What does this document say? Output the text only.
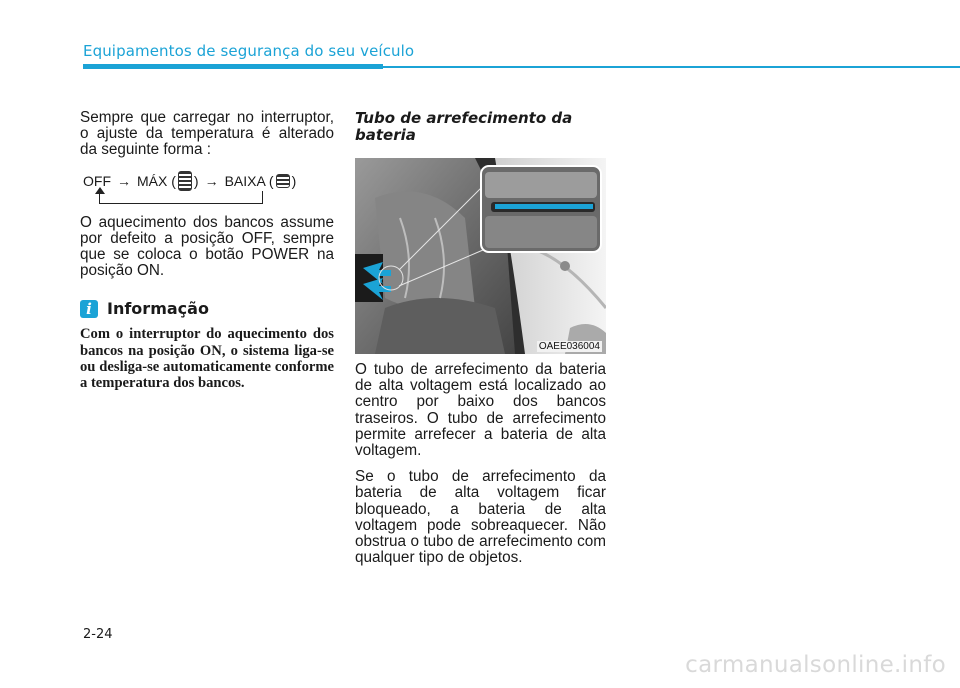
Equipamentos de segurança do seu veículo

Sempre que carregar no interruptor, o ajuste da temperatura é alterado da seguinte forma :

OFF → MÁX ( ) → BAIXA ( )

O aquecimento dos bancos assume por defeito a posição OFF, sempre que se coloca o botão POWER na posição ON.

i Informação
Com o interruptor do aquecimento dos bancos na posição ON, o sistema liga-se ou desliga-se automaticamente conforme a temperatura dos bancos.
Tubo de arrefecimento da bateria
OAEE036004

O tubo de arrefecimento da bateria de alta voltagem está localizado ao centro por baixo dos bancos traseiros. O tubo de arrefecimento permite arrefecer a bateria de alta voltagem.

Se o tubo de arrefecimento da bateria de alta voltagem ficar bloqueado, a bateria de alta voltagem pode sobreaquecer. Não obstrua o tubo de arrefecimento com qualquer tipo de objetos.

2-24
carmanualsonline.info
